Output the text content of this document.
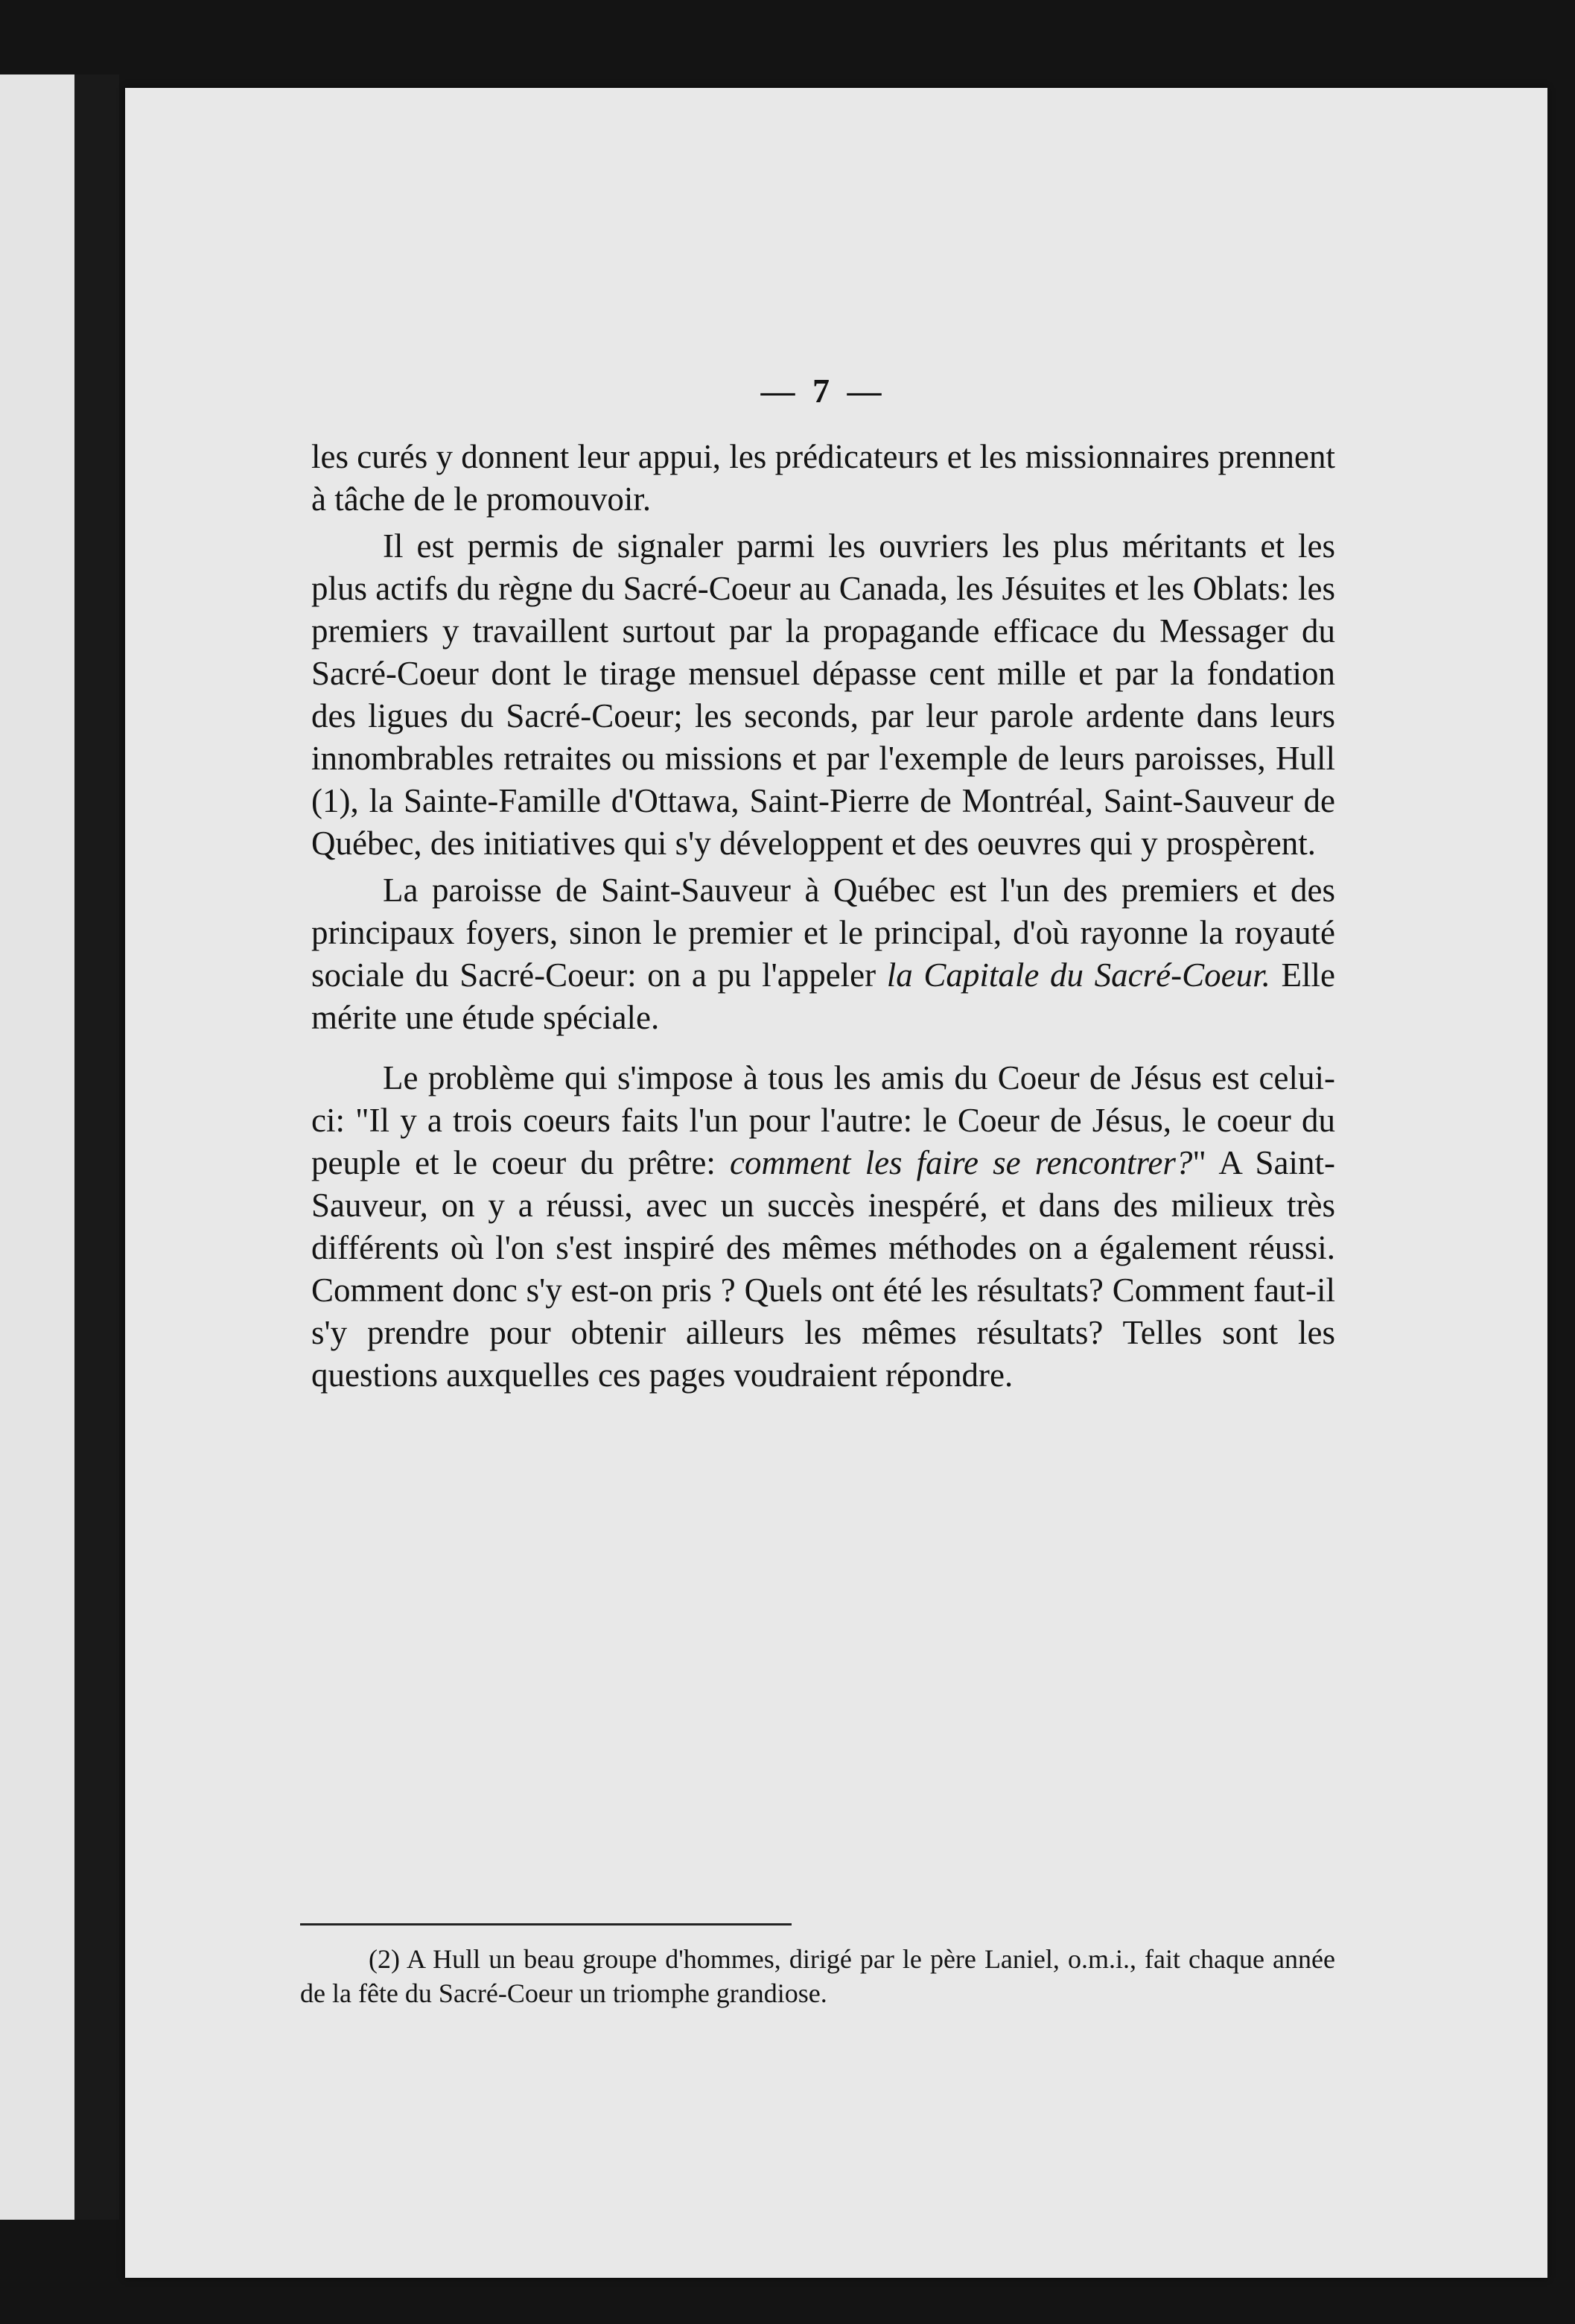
— 7 —

les curés y donnent leur appui, les prédicateurs et les missionnaires prennent à tâche de le promouvoir.

Il est permis de signaler parmi les ouvriers les plus méritants et les plus actifs du règne du Sacré-Coeur au Canada, les Jésuites et les Oblats: les premiers y travaillent surtout par la propagande efficace du Messager du Sacré-Coeur dont le tirage mensuel dépasse cent mille et par la fondation des ligues du Sacré-Coeur; les seconds, par leur parole ardente dans leurs innombrables retraites ou missions et par l'exemple de leurs paroisses, Hull (1), la Sainte-Famille d'Ottawa, Saint-Pierre de Montréal, Saint-Sauveur de Québec, des initiatives qui s'y développent et des oeuvres qui y prospèrent.

La paroisse de Saint-Sauveur à Québec est l'un des premiers et des principaux foyers, sinon le premier et le principal, d'où rayonne la royauté sociale du Sacré-Coeur: on a pu l'appeler la Capitale du Sacré-Coeur. Elle mérite une étude spéciale.

Le problème qui s'impose à tous les amis du Coeur de Jésus est celui-ci: "Il y a trois coeurs faits l'un pour l'autre: le Coeur de Jésus, le coeur du peuple et le coeur du prêtre: comment les faire se rencontrer?" A Saint-Sauveur, on y a réussi, avec un succès inespéré, et dans des milieux très différents où l'on s'est inspiré des mêmes méthodes on a également réussi. Comment donc s'y est-on pris ? Quels ont été les résultats? Comment faut-il s'y prendre pour obtenir ailleurs les mêmes résultats? Telles sont les questions auxquelles ces pages voudraient répondre.

(2) A Hull un beau groupe d'hommes, dirigé par le père Laniel, o.m.i., fait chaque année de la fête du Sacré-Coeur un triomphe grandiose.
